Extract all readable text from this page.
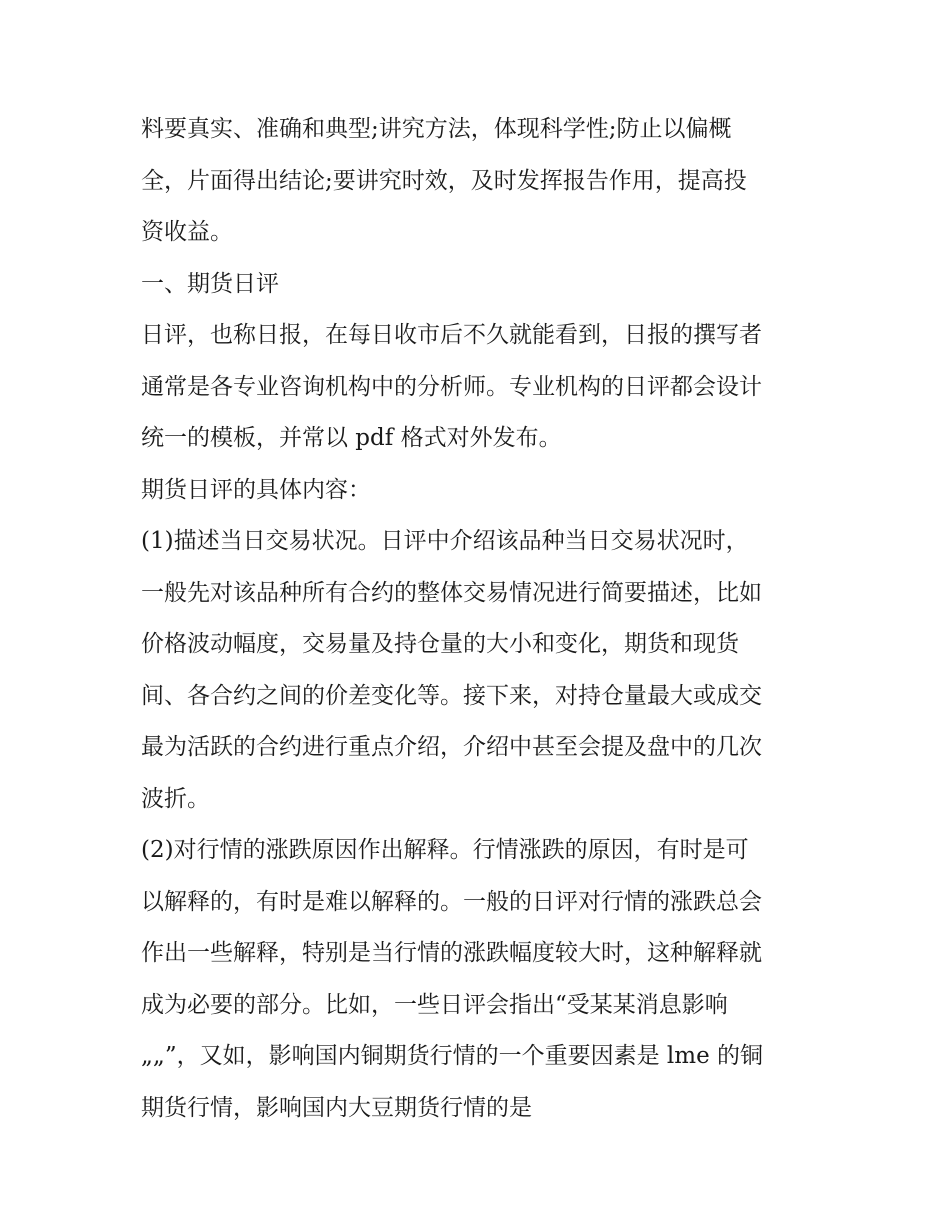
料要真实、准确和典型;讲究方法，体现科学性;防止以偏概
全，片面得出结论;要讲究时效，及时发挥报告作用，提高投
资收益。
一、期货日评
日评，也称日报，在每日收市后不久就能看到，日报的撰写者
通常是各专业咨询机构中的分析师。专业机构的日评都会设计
统一的模板，并常以 pdf 格式对外发布。
期货日评的具体内容：
(1)描述当日交易状况。日评中介绍该品种当日交易状况时，
一般先对该品种所有合约的整体交易情况进行简要描述，比如
价格波动幅度，交易量及持仓量的大小和变化，期货和现货
间、各合约之间的价差变化等。接下来，对持仓量最大或成交
最为活跃的合约进行重点介绍，介绍中甚至会提及盘中的几次
波折。
(2)对行情的涨跌原因作出解释。行情涨跌的原因，有时是可
以解释的，有时是难以解释的。一般的日评对行情的涨跌总会
作出一些解释，特别是当行情的涨跌幅度较大时，这种解释就
成为必要的部分。比如，一些日评会指出“受某某消息影响
„„”，又如，影响国内铜期货行情的一个重要因素是 lme 的铜
期货行情，影响国内大豆期货行情的是
